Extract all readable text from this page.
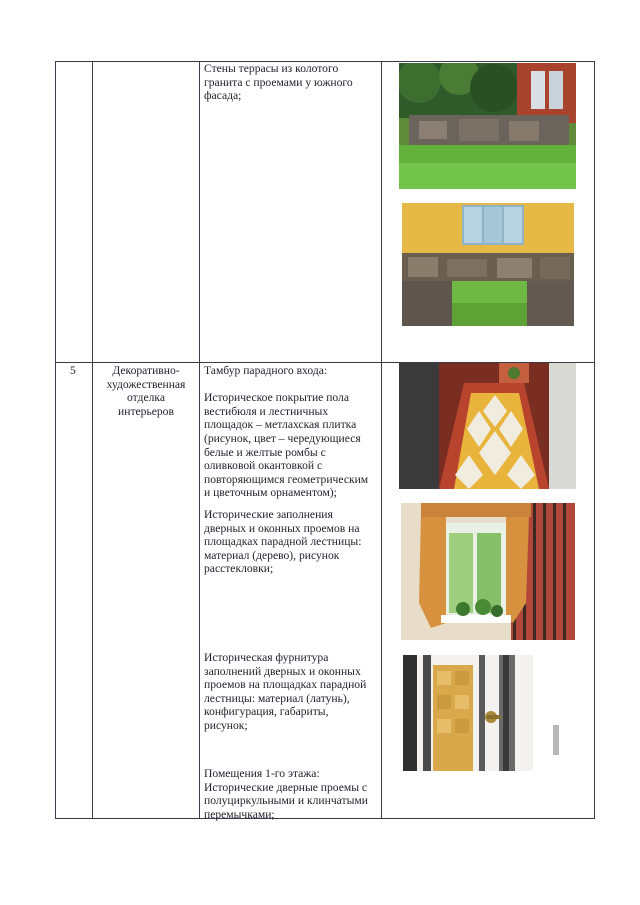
Стены террасы из колотого
гранита с проемами у южного
фасада;
5	Декоративно-
художественная
отделка
интерьеров
Тамбур парадного входа:

Историческое покрытие пола
вестибюля и лестничных
площадок – метлахская плитка
(рисунок, цвет – чередующиеся
белые и желтые ромбы с
оливковой окантовкой с
повторяющимся геометрическим
и цветочным орнаментом);
Исторические заполнения
дверных и оконных проемов на
площадках парадной лестницы:
материал (дерево), рисунок
расстекловки;
Историческая фурнитура
заполнений дверных и оконных
проемов на площадках парадной
лестницы: материал (латунь),
конфигурация, габариты,
рисунок;
Помещения 1-го этажа:
Исторические дверные проемы с
полуциркульными и клинчатыми
перемычками;
